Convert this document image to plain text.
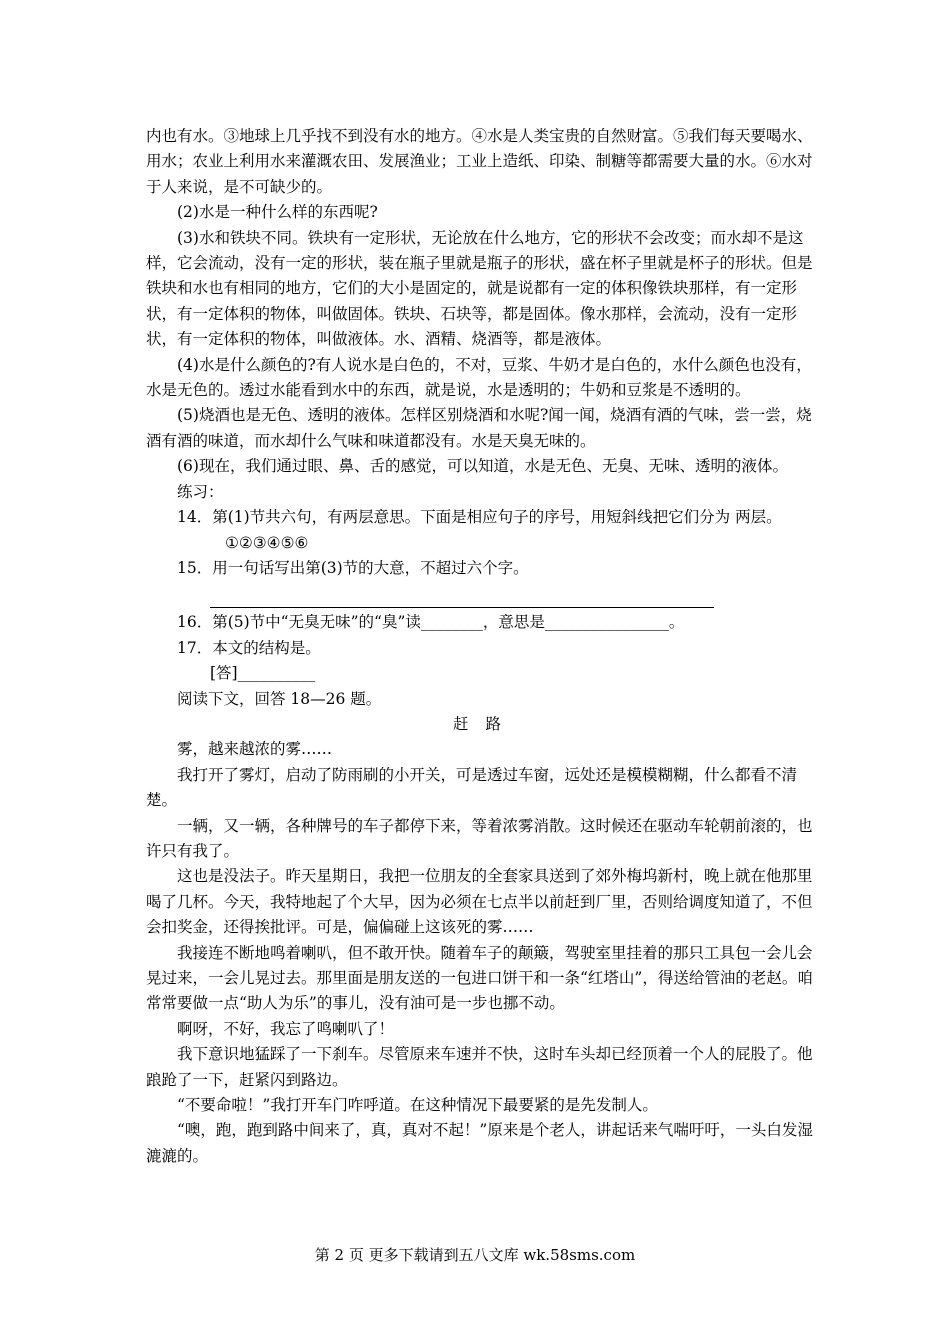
内也有水。③地球上几乎找不到没有水的地方。④水是人类宝贵的自然财富。⑤我们每天要喝水、用水；农业上利用水来灌溉农田、发展渔业；工业上造纸、印染、制糖等都需要大量的水。⑥水对于人来说，是不可缺少的。

(2)水是一种什么样的东西呢?

(3)水和铁块不同。铁块有一定形状，无论放在什么地方，它的形状不会改变；而水却不是这样，它会流动，没有一定的形状，装在瓶子里就是瓶子的形状，盛在杯子里就是杯子的形状。但是铁块和水也有相同的地方，它们的大小是固定的，就是说都有一定的体积像铁块那样，有一定形状，有一定体积的物体，叫做固体。铁块、石块等，都是固体。像水那样，会流动，没有一定形状，有一定体积的物体，叫做液体。水、酒精、烧酒等，都是液体。

(4)水是什么颜色的?有人说水是白色的，不对，豆浆、牛奶才是白色的，水什么颜色也没有，水是无色的。透过水能看到水中的东西，就是说，水是透明的；牛奶和豆浆是不透明的。

(5)烧酒也是无色、透明的液体。怎样区别烧酒和水呢?闻一闻，烧酒有酒的气味，尝一尝，烧酒有酒的味道，而水却什么气味和味道都没有。水是天臭无味的。

(6)现在，我们通过眼、鼻、舌的感觉，可以知道，水是无色、无臭、无味、透明的液体。

练习：

14．第(1)节共六句，有两层意思。下面是相应句子的序号，用短斜线把它们分为 两层。

①②③④⑤⑥

15．用一句话写出第(3)节的大意，不超过六个字。

16．第(5)节中“无臭无味”的“臭”读________，意思是________________。

17．本文的结构是。

[答]__________

阅读下文，回答 18—26 题。

赶 路

雾，越来越浓的雾……

我打开了雾灯，启动了防雨刷的小开关，可是透过车窗，远处还是模模糊糊，什么都看不清楚。

一辆，又一辆，各种牌号的车子都停下来，等着浓雾消散。这时候还在驱动车轮朝前滚的，也许只有我了。

这也是没法子。昨天星期日，我把一位朋友的全套家具送到了郊外梅坞新村，晚上就在他那里喝了几杯。今天，我特地起了个大早，因为必须在七点半以前赶到厂里，否则给调度知道了，不但会扣奖金，还得挨批评。可是，偏偏碰上这该死的雾……

我接连不断地鸣着喇叭，但不敢开快。随着车子的颠簸，驾驶室里挂着的那只工具包一会儿会晃过来，一会儿晃过去。那里面是朋友送的一包进口饼干和一条“红塔山”，得送给管油的老赵。咱常常要做一点“助人为乐”的事儿，没有油可是一步也挪不动。

啊呀，不好，我忘了鸣喇叭了！

我下意识地猛踩了一下刹车。尽管原来车速并不快，这时车头却已经顶着一个人的屁股了。他踉跄了一下，赶紧闪到路边。

“不要命啦！”我打开车门咋呼道。在这种情况下最要紧的是先发制人。

“噢，跑，跑到路中间来了，真，真对不起！”原来是个老人，讲起话来气喘吁吁，一头白发湿漉漉的。

第 2 页 更多下载请到五八文库 wk.58sms.com
